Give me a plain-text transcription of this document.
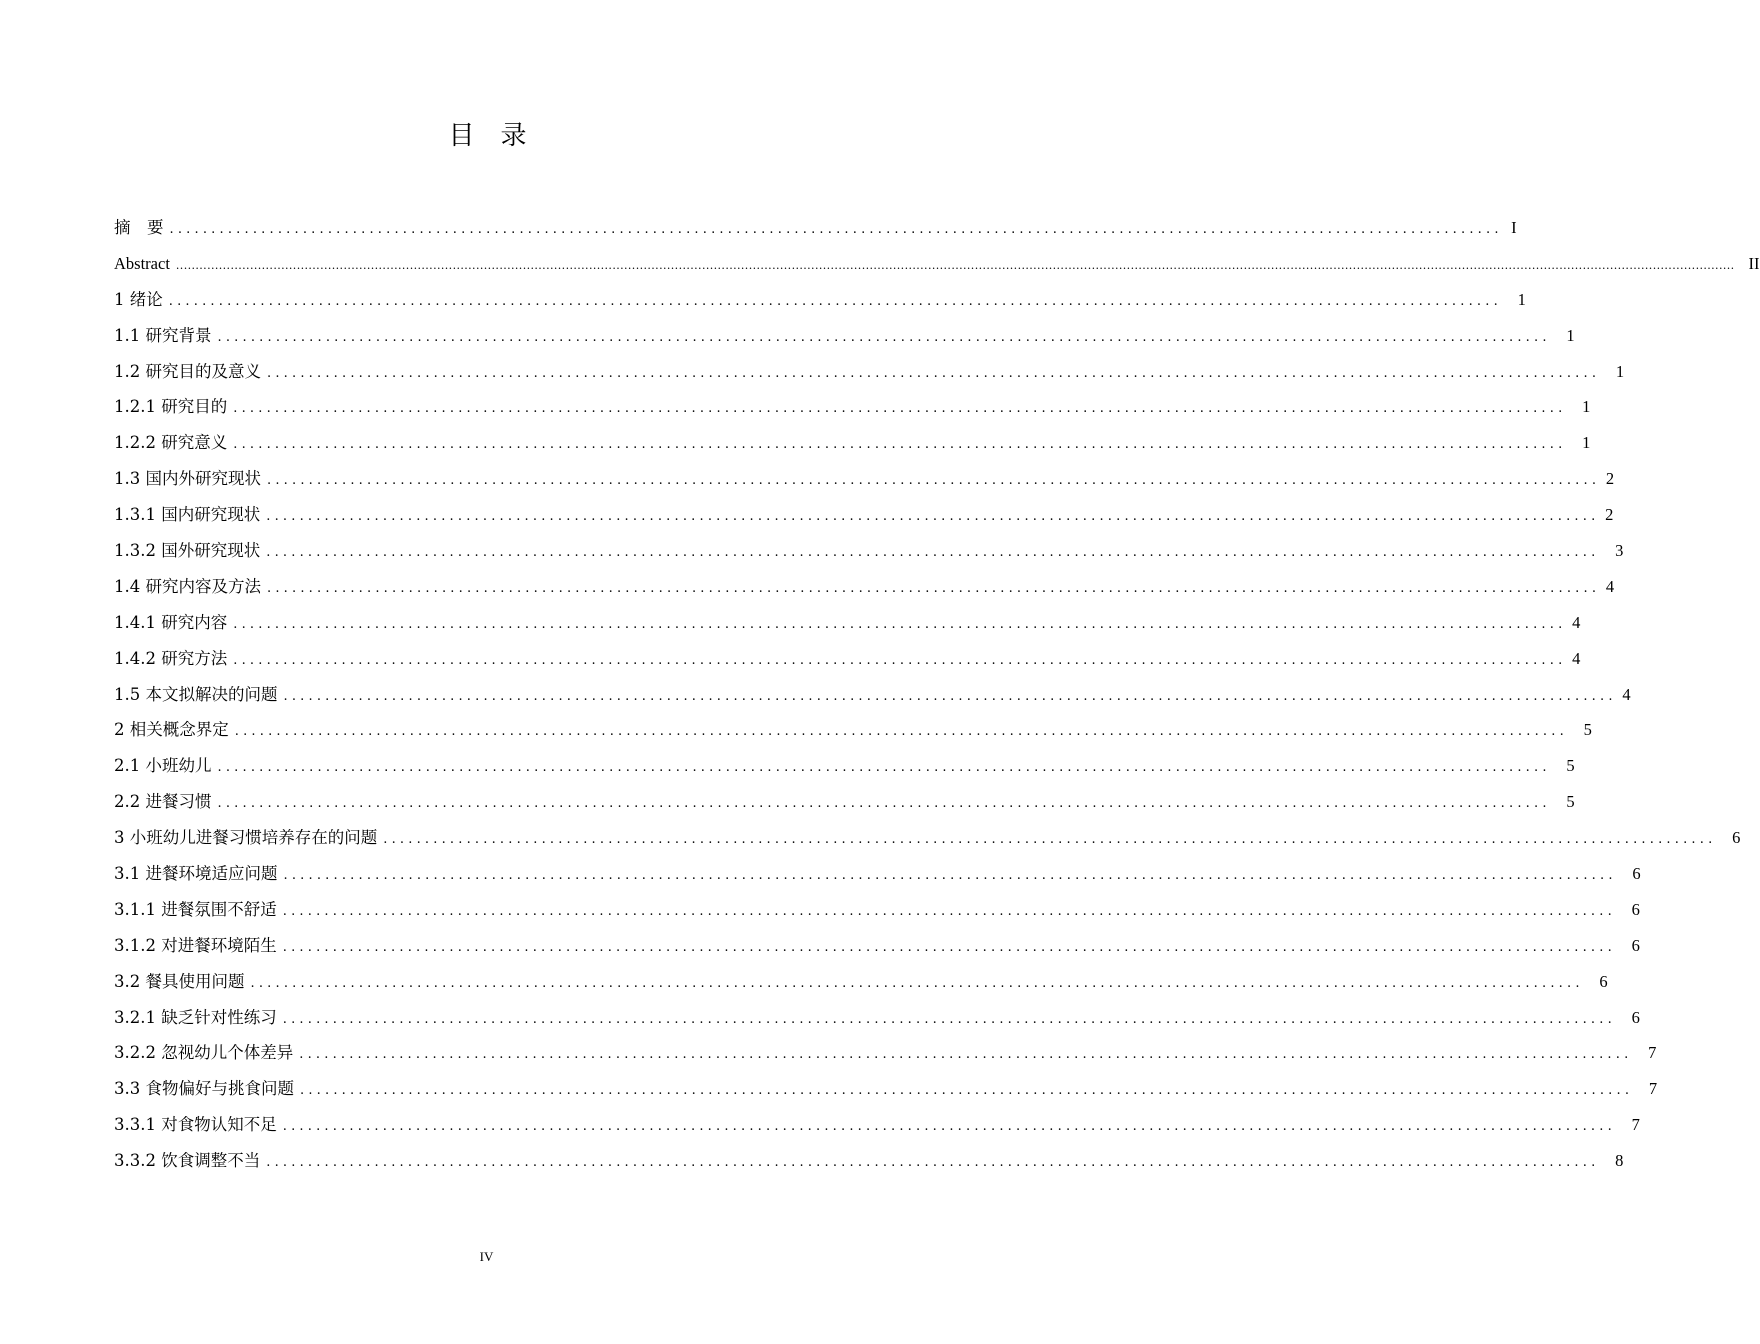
目　录
摘　要 ................................................................................................................................................................ I
Abstract ................................................................................................................................................................................................................................................................................................................................................................................................................ II
1 绪论 ................................................................................................................................................................ 1
1.1 研究背景 ................................................................................................................................................................ 1
1.2 研究目的及意义 ................................................................................................................................................................ 1
1.2.1 研究目的 ................................................................................................................................................................ 1
1.2.2 研究意义 ................................................................................................................................................................ 1
1.3 国内外研究现状 ................................................................................................................................................................ 2
1.3.1 国内研究现状 ................................................................................................................................................................ 2
1.3.2 国外研究现状 ................................................................................................................................................................ 3
1.4 研究内容及方法 ................................................................................................................................................................ 4
1.4.1 研究内容 ................................................................................................................................................................ 4
1.4.2 研究方法 ................................................................................................................................................................ 4
1.5 本文拟解决的问题 ................................................................................................................................................................ 4
2 相关概念界定 ................................................................................................................................................................ 5
2.1 小班幼儿 ................................................................................................................................................................ 5
2.2 进餐习惯 ................................................................................................................................................................ 5
3 小班幼儿进餐习惯培养存在的问题 ................................................................................................................................................................ 6
3.1 进餐环境适应问题 ................................................................................................................................................................ 6
3.1.1 进餐氛围不舒适 ................................................................................................................................................................ 6
3.1.2 对进餐环境陌生 ................................................................................................................................................................ 6
3.2 餐具使用问题 ................................................................................................................................................................ 6
3.2.1 缺乏针对性练习 ................................................................................................................................................................ 6
3.2.2 忽视幼儿个体差异 ................................................................................................................................................................ 7
3.3 食物偏好与挑食问题 ................................................................................................................................................................ 7
3.3.1 对食物认知不足 ................................................................................................................................................................ 7
3.3.2 饮食调整不当 ................................................................................................................................................................ 8
IV
